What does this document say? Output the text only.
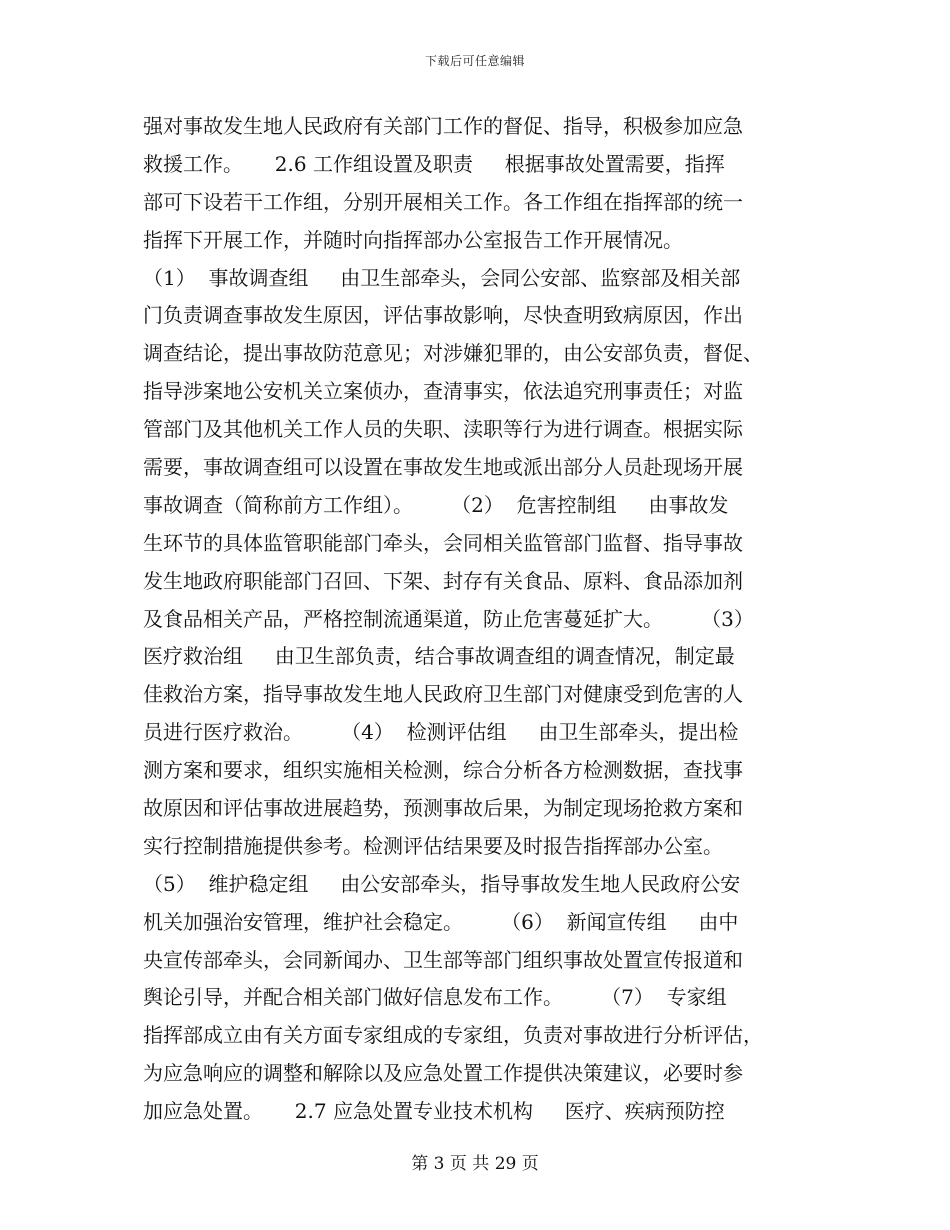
下载后可任意编辑
强对事故发生地人民政府有关部门工作的督促、指导，积极参加应急
救援工作。     2.6 工作组设置及职责     根据事故处置需要，指挥
部可下设若干工作组，分别开展相关工作。各工作组在指挥部的统一
指挥下开展工作，并随时向指挥部办公室报告工作开展情况。
（1）  事故调查组     由卫生部牵头，会同公安部、监察部及相关部
门负责调查事故发生原因，评估事故影响，尽快查明致病原因，作出
调查结论，提出事故防范意见；对涉嫌犯罪的，由公安部负责，督促、
指导涉案地公安机关立案侦办，查清事实，依法追究刑事责任；对监
管部门及其他机关工作人员的失职、渎职等行为进行调查。根据实际
需要，事故调查组可以设置在事故发生地或派出部分人员赴现场开展
事故调查（简称前方工作组）。      （2）  危害控制组     由事故发
生环节的具体监管职能部门牵头，会同相关监管部门监督、指导事故
发生地政府职能部门召回、下架、封存有关食品、原料、食品添加剂
及食品相关产品，严格控制流通渠道，防止危害蔓延扩大。      （3）
医疗救治组     由卫生部负责，结合事故调查组的调查情况，制定最
佳救治方案，指导事故发生地人民政府卫生部门对健康受到危害的人
员进行医疗救治。      （4）  检测评估组     由卫生部牵头，提出检
测方案和要求，组织实施相关检测，综合分析各方检测数据，查找事
故原因和评估事故进展趋势，预测事故后果，为制定现场抢救方案和
实行控制措施提供参考。检测评估结果要及时报告指挥部办公室。
（5）  维护稳定组     由公安部牵头，指导事故发生地人民政府公安
机关加强治安管理，维护社会稳定。      （6）  新闻宣传组     由中
央宣传部牵头，会同新闻办、卫生部等部门组织事故处置宣传报道和
舆论引导，并配合相关部门做好信息发布工作。      （7）  专家组
指挥部成立由有关方面专家组成的专家组，负责对事故进行分析评估，
为应急响应的调整和解除以及应急处置工作提供决策建议，必要时参
加应急处置。     2.7 应急处置专业技术机构     医疗、疾病预防控
第 3 页 共 29 页
